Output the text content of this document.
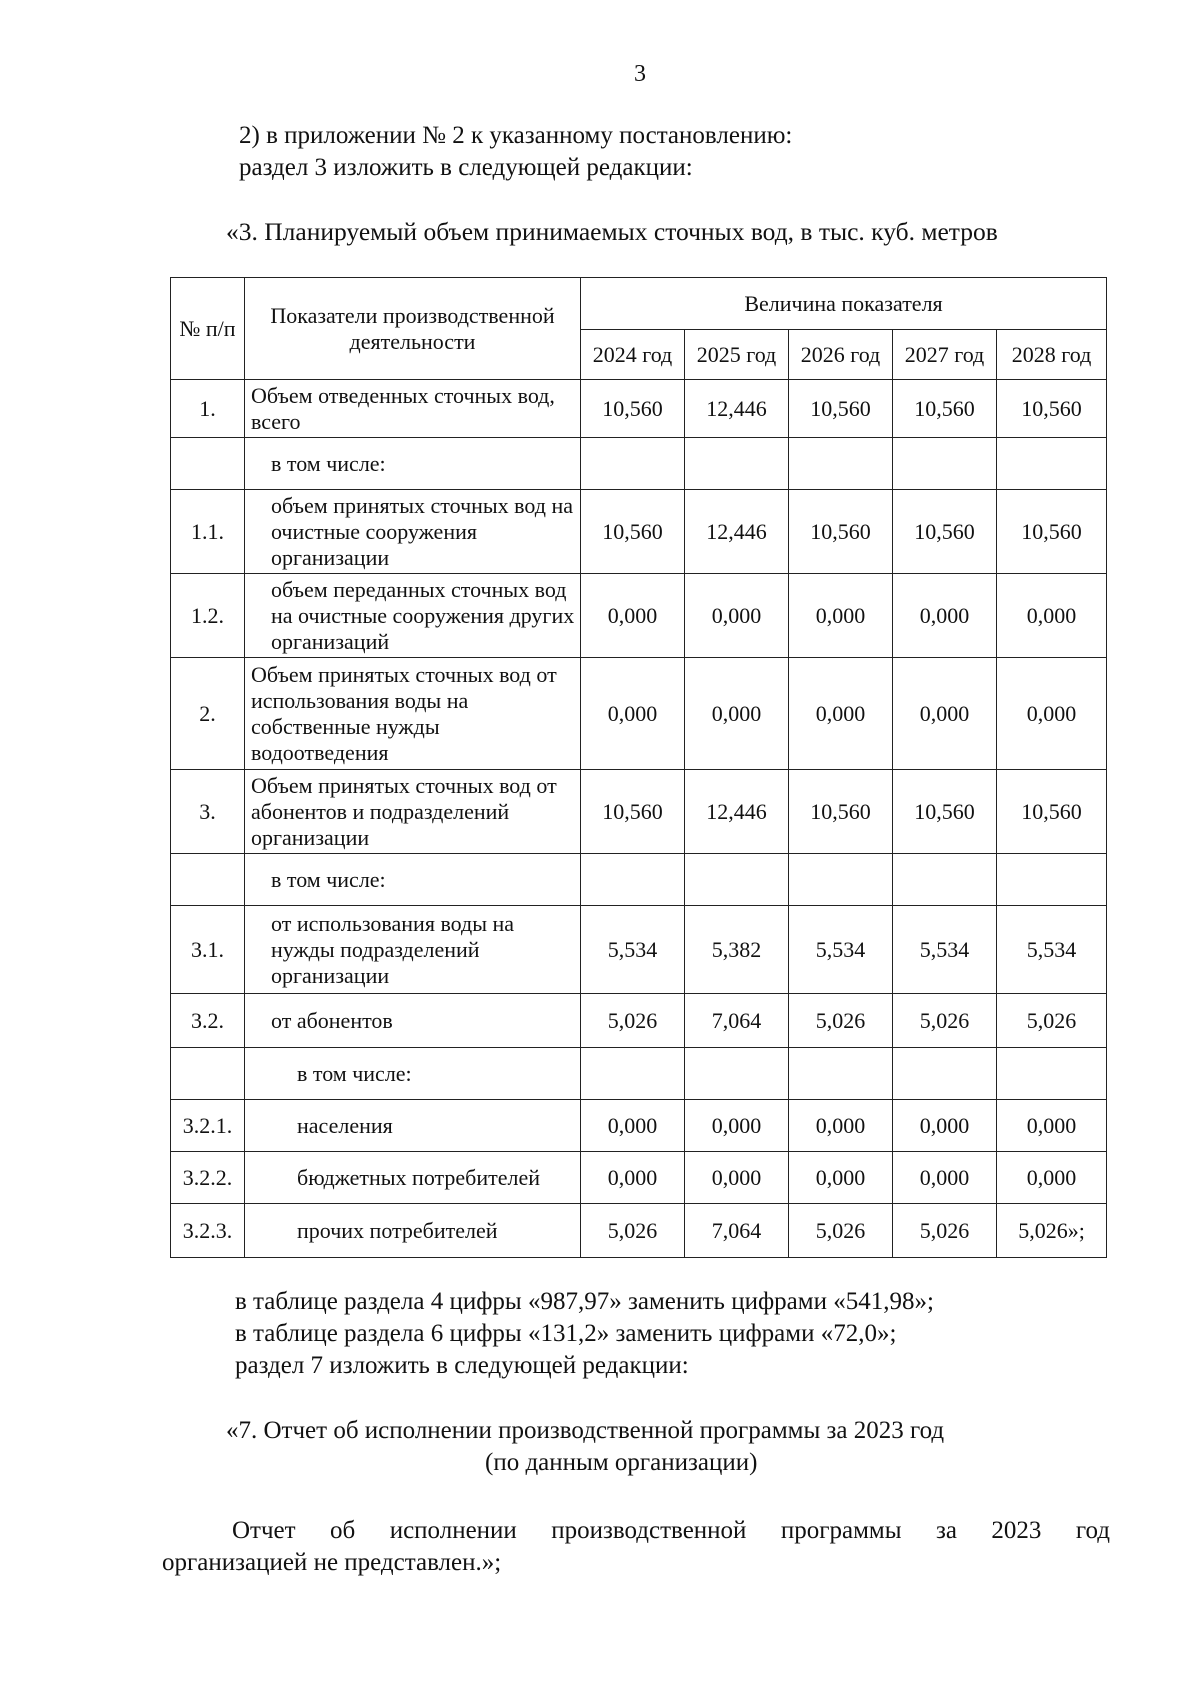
3
2) в приложении № 2 к указанному постановлению:
раздел 3 изложить в следующей редакции:
«3. Планируемый объем принимаемых сточных вод, в тыс. куб. метров
№ п/п	Показатели производственной деятельности	Величина показателя				
		2024 год	2025 год	2026 год	2027 год	2028 год
1.	Объем отведенных сточных вод, всего	10,560	12,446	10,560	10,560	10,560
	в том числе:					
1.1.	объем принятых сточных вод на очистные сооружения организации	10,560	12,446	10,560	10,560	10,560
1.2.	объем переданных сточных вод на очистные сооружения других организаций	0,000	0,000	0,000	0,000	0,000
2.	Объем принятых сточных вод от использования воды на собственные нужды водоотведения	0,000	0,000	0,000	0,000	0,000
3.	Объем принятых сточных вод от абонентов и подразделений организации	10,560	12,446	10,560	10,560	10,560
	в том числе:					
3.1.	от использования воды на нужды подразделений организации	5,534	5,382	5,534	5,534	5,534
3.2.	от абонентов	5,026	7,064	5,026	5,026	5,026
	в том числе:					
3.2.1.	населения	0,000	0,000	0,000	0,000	0,000
3.2.2.	бюджетных потребителей	0,000	0,000	0,000	0,000	0,000
3.2.3.	прочих потребителей	5,026	7,064	5,026	5,026	5,026»;
в таблице раздела 4 цифры «987,97» заменить цифрами «541,98»;
в таблице раздела 6 цифры «131,2» заменить цифрами «72,0»;
раздел 7 изложить в следующей редакции:
«7. Отчет об исполнении производственной программы за 2023 год
(по данным организации)
Отчет об исполнении производственной программы за 2023 год
организацией не представлен.»;
